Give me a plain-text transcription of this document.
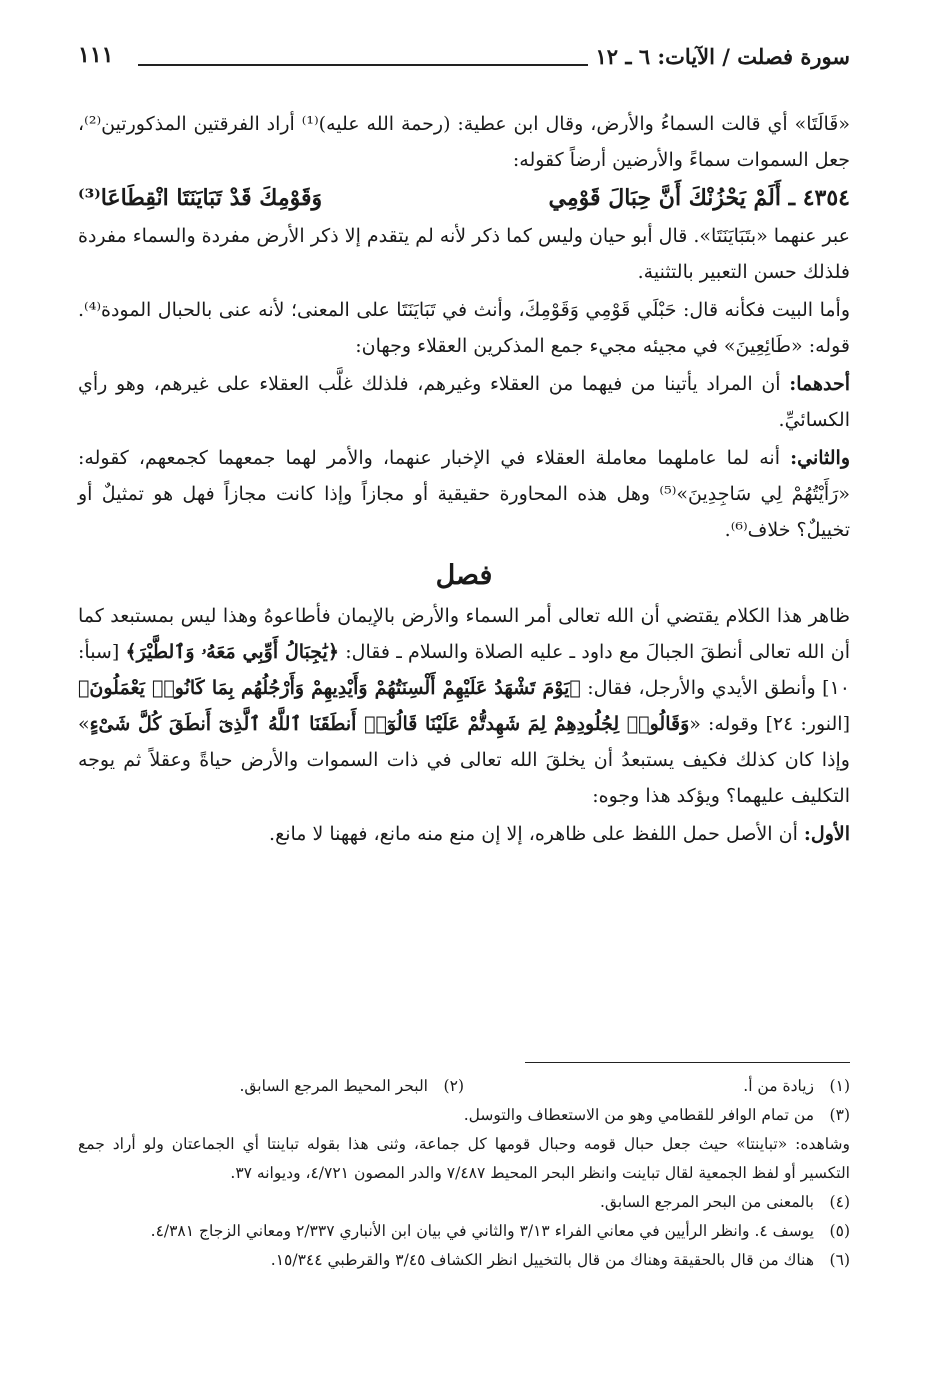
سورة فصلت / الآيات: ٦ ـ ١٢
١١١

«قَالَتَا» أي قالت السماءُ والأرض، وقال ابن عطية: (رحمة الله عليه)⁽¹⁾ أراد الفرقتين المذكورتين⁽²⁾، جعل السموات سماءً والأرضين أرضاً كقوله:

٤٣٥٤ ـ أَلَمْ يَحْزُنْكَ أَنَّ حِبَالَ قَوْمِي
وَقَوْمِكَ قَدْ تَبَايَنَتَا انْقِطَاعَا⁽³⁾

عبر عنهما «بتَبَايَنَتَا». قال أبو حيان وليس كما ذكر لأنه لم يتقدم إلا ذكر الأرض مفردة والسماء مفردة فلذلك حسن التعبير بالتثنية.

وأما البيت فكأنه قال: حَبْلَي قَوْمِي وَقَوْمِكَ، وأنث في تَبَايَنَتَا على المعنى؛ لأنه عنى بالحبال المودة⁽⁴⁾. قوله: «طَائِعِينَ» في مجيئه مجيء جمع المذكرين العقلاء وجهان:

أحدهما: أن المراد يأتينا من فيهما من العقلاء وغيرهم، فلذلك غلَّب العقلاء على غيرهم، وهو رأي الكسائيِّ.

والثاني: أنه لما عاملهما معاملة العقلاء في الإخبار عنهما، والأمر لهما جمعهما كجمعهم، كقوله: «رَأَيْتُهُمْ لِي سَاجِدِينَ»⁽⁵⁾ وهل هذه المحاورة حقيقية أو مجازاً وإذا كانت مجازاً فهل هو تمثيلٌ أو تخييلٌ؟ خلاف⁽⁶⁾.

فصل

ظاهر هذا الكلام يقتضي أن الله تعالى أمر السماء والأرض بالإيمان فأطاعوهُ وهذا ليس بمستبعد كما أن الله تعالى أنطقَ الجبالَ مع داود ـ عليه الصلاة والسلام ـ فقال: ﴿يَٰجِبَالُ أَوِّبِي مَعَهُۥ وَٱلطَّيْرَ﴾ [سبأ: ١٠] وأنطق الأيدي والأرجل، فقال: ﴿يَوْمَ تَشْهَدُ عَلَيْهِمْ أَلْسِنَتُهُمْ وَأَيْدِيهِمْ وَأَرْجُلُهُم بِمَا كَانُوا۟ يَعْمَلُونَ﴾ [النور: ٢٤] وقوله: «وَقَالُوا۟ لِجُلُودِهِمْ لِمَ شَهِدتُّمْ عَلَيْنَا قَالُوٓا۟ أَنطَقَنَا ٱللَّهُ ٱلَّذِىٓ أَنطَقَ كُلَّ شَىْءٍ» وإذا كان كذلك فكيف يستبعدُ أن يخلقَ الله تعالى في ذات السموات والأرض حياةً وعقلاً ثم يوجه التكليف عليهما؟ ويؤكد هذا وجوه:

الأول: أن الأصل حمل اللفظ على ظاهره، إلا إن منع منه مانع، فههنا لا مانع.

(١)
زيادة من أ.
(٢)
البحر المحيط المرجع السابق.
(٣)
من تمام الوافر للقطامي وهو من الاستعطاف والتوسل.
وشاهده: «تباينتا» حيث جعل حبال قومه وحبال قومها كل جماعة، وثنى هذا بقوله تباينتا أي الجماعتان ولو أراد جمع التكسير أو لفظ الجمعية لقال تباينت وانظر البحر المحيط ٧/٤٨٧ والدر المصون ٤/٧٢١، وديوانه ٣٧.
(٤)
بالمعنى من البحر المرجع السابق.
(٥)
يوسف ٤. وانظر الرأيين في معاني الفراء ٣/١٣ والثاني في بيان ابن الأنباري ٢/٣٣٧ ومعاني الزجاج ٤/٣٨١.
(٦)
هناك من قال بالحقيقة وهناك من قال بالتخييل انظر الكشاف ٣/٤٥ والقرطبي ١٥/٣٤٤.
